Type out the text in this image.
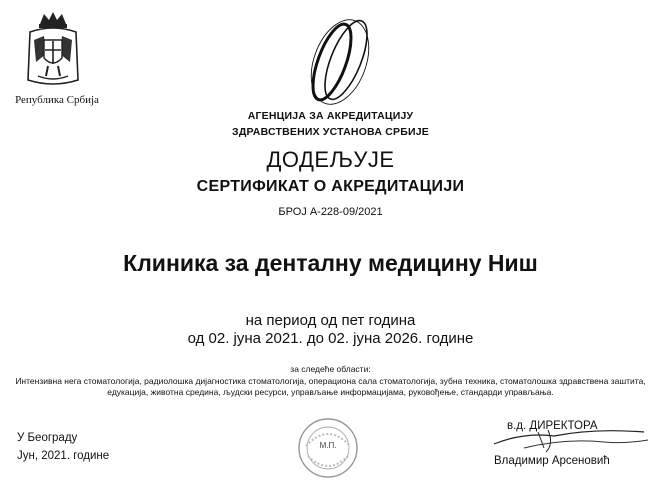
Република Србија
АГЕНЦИЈА ЗА АКРЕДИТАЦИЈУ
ЗДРАВСТВЕНИХ УСТАНОВА СРБИЈЕ
ДОДЕЉУЈЕ
СЕРТИФИКАТ О АКРЕДИТАЦИЈИ
БРОЈ А-228-09/2021
Клиника за денталну медицину Ниш
на период од пет година
од 02. јуна 2021. до 02. јуна 2026. године
за следеће области:
Интензивна нега стоматологија, радиолошка дијагностика стоматологија, операциона сала стоматологија, зубна техника, стоматолошка здравствена заштита, едукација, животна средина, људски ресурси, управљање информацијама, руковођење, стандарди управљања.
У Београду
Јун, 2021. године
М.П.
в.д. ДИРЕКТОРА
Владимир Арсеновић
